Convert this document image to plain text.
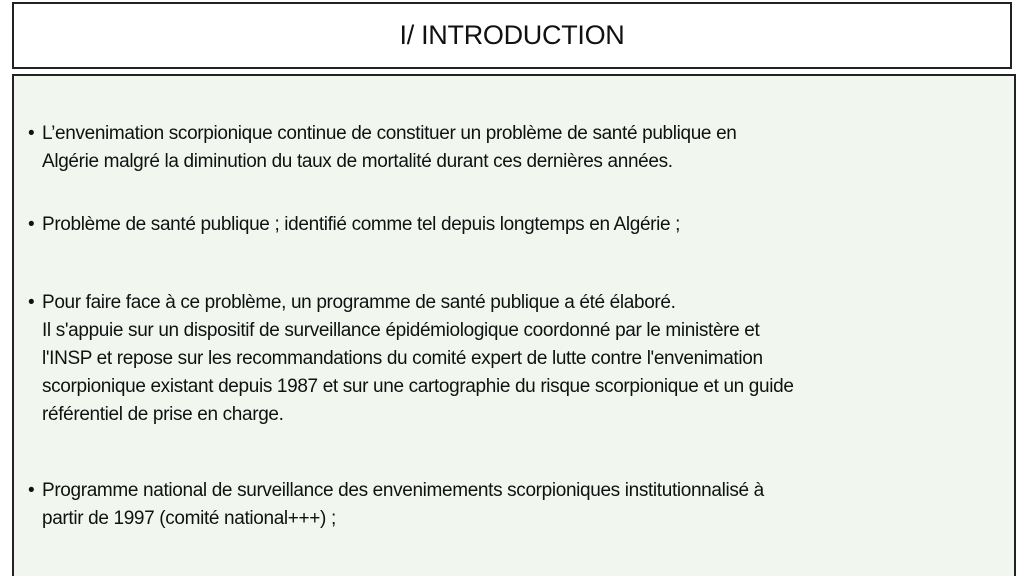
I/ INTRODUCTION
• L’envenimation scorpionique continue de constituer un problème de santé publique en
Algérie malgré la diminution du taux de mortalité durant ces dernières années.
• Problème de santé publique ; identifié comme tel depuis longtemps en Algérie ;
• Pour faire face à ce problème, un programme de santé publique a été élaboré.
Il s'appuie sur un dispositif de surveillance épidémiologique coordonné par le ministère et
l'INSP et repose sur les recommandations du comité expert de lutte contre l'envenimation
scorpionique existant depuis 1987 et sur une cartographie du risque scorpionique et un guide
référentiel de prise en charge.
• Programme national de surveillance des envenimements scorpioniques institutionnalisé à
partir de 1997 (comité national+++) ;
